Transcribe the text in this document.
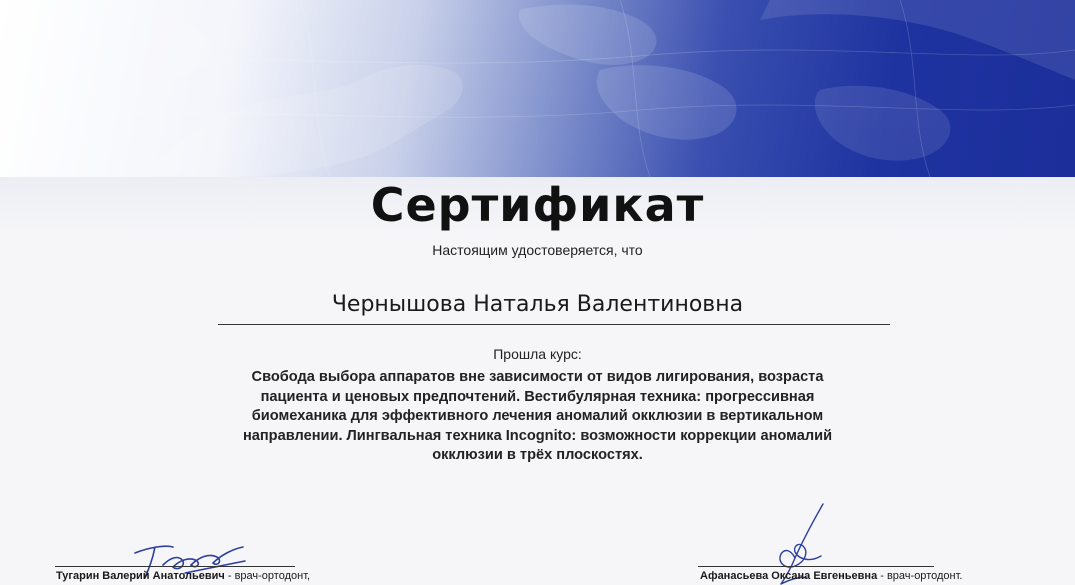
Сертификат
Настоящим удостоверяется, что
Чернышова Наталья Валентиновна
Прошла курс:
Свобода выбора аппаратов вне зависимости от видов лигирования, возраста пациента и ценовых предпочтений. Вестибулярная техника: прогрессивная биомеханика для эффективного лечения аномалий окклюзии в вертикальном направлении. Лингвальная техника Incognito: возможности коррекции аномалий окклюзии в трёх плоскостях.
Тугарин Валерий Анатольевич - врач-ортодонт,	Афанасьева Оксана Евгеньевна - врач-ортодонт.
